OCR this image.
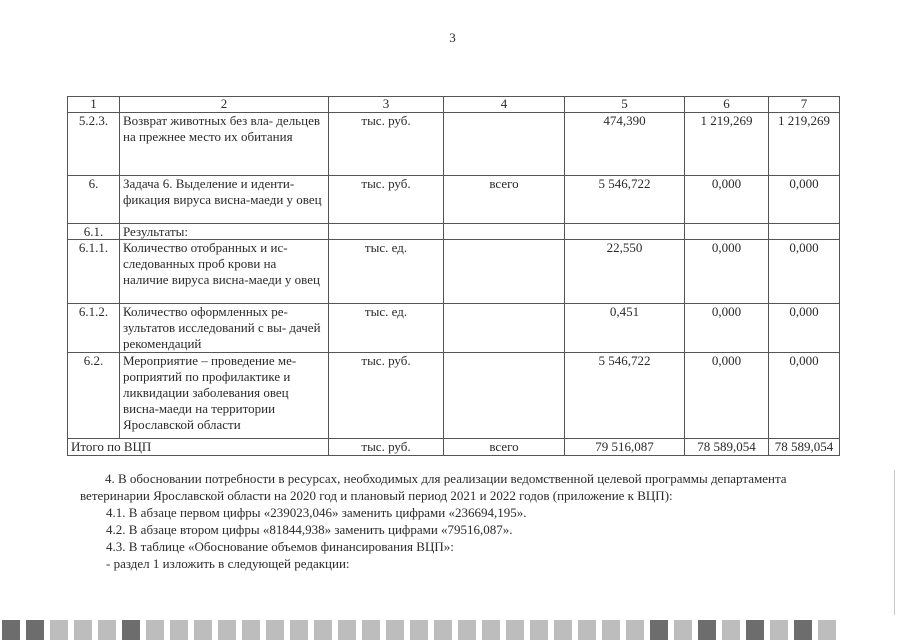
3
1	2	3	4	5	6	7
5.2.3.	Возврат животных без вла- дельцев на прежнее место их обитания	тыс. руб.		474,390	1 219,269	1 219,269
6.	Задача 6. Выделение и иденти- фикация вируса висна-маеди у овец	тыс. руб.	всего	5 546,722	0,000	0,000
6.1.	Результаты:					
6.1.1.	Количество отобранных и ис- следованных проб крови на наличие вируса висна-маеди у овец	тыс. ед.		22,550	0,000	0,000
6.1.2.	Количество оформленных ре- зультатов исследований с вы- дачей рекомендаций	тыс. ед.		0,451	0,000	0,000
6.2.	Мероприятие – проведение ме- роприятий по профилактике и ликвидации заболевания овец висна-маеди на территории Ярославской области	тыс. руб.		5 546,722	0,000	0,000
Итого по ВЦП		тыс. руб.	всего	79 516,087	78 589,054	78 589,054

4. В обосновании потребности в ресурсах, необходимых для реализации ведомственной целевой программы департамента ветеринарии Ярославской области на 2020 год и плановый период 2021 и 2022 годов (приложение к ВЦП):

4.1. В абзаце первом цифры «239023,046» заменить цифрами «236694,195».

4.2. В абзаце втором цифры «81844,938» заменить цифрами «79516,087».

4.3. В таблице «Обоснование объемов финансирования ВЦП»:

- раздел 1 изложить в следующей редакции:
